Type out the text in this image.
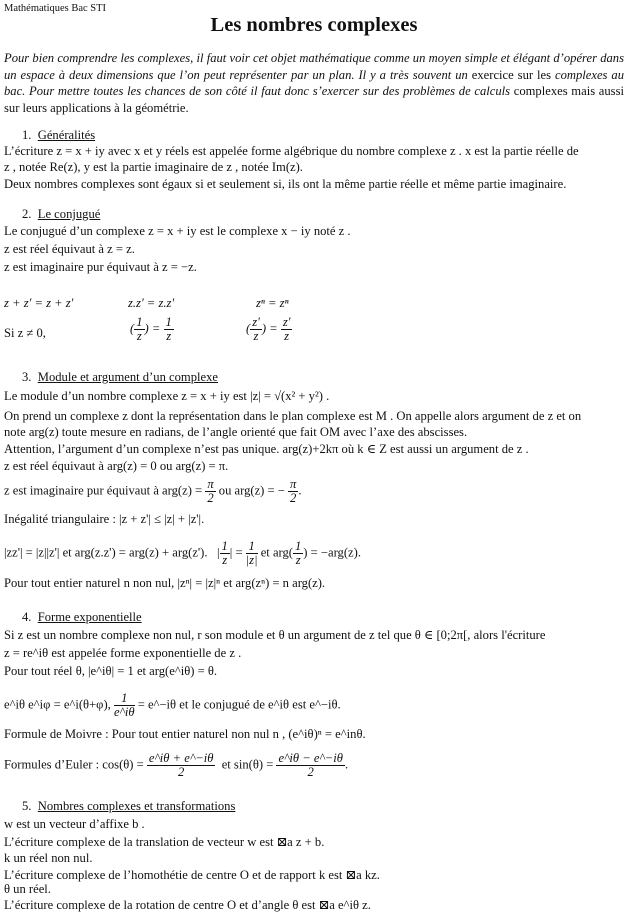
Mathématiques Bac STI
Les nombres complexes
Pour bien comprendre les complexes, il faut voir cet objet mathématique comme un moyen simple et élégant d’opérer dans un espace à deux dimensions que l’on peut représenter par un plan. Il y a très souvent un exercice sur les complexes au bac. Pour mettre toutes les chances de son côté il faut donc s’exercer sur des problèmes de calculs complexes mais aussi sur leurs applications à la géométrie.
1. Généralités
L’écriture z = x + iy avec x et y réels est appelée forme algébrique du nombre complexe z . x est la partie réelle de
z , notée Re(z), y est la partie imaginaire de z , notée Im(z).
Deux nombres complexes sont égaux si et seulement si, ils ont la même partie réelle et même partie imaginaire.
2. Le conjugué
Le conjugué d’un complexe z = x + iy est le complexe x − iy noté z .
z est réel équivaut à z = z.
z est imaginaire pur équivaut à z = −z.
z + z' = z + z'	z.z' = z.z'	zⁿ = zⁿ
Si z ≠ 0,	( $\frac{1}{z}$ ) = $\frac{1}{z}$	( $\frac{z'}{z}$ ) = $\frac{z'}{z}$
3. Module et argument d’un complexe
Le module d’un nombre complexe z = x + iy est |z| = √(x² + y²) .
On prend un complexe z dont la représentation dans le plan complexe est M . On appelle alors argument de z et on
note arg(z) toute mesure en radians, de l’angle orienté que fait OM avec l’axe des abscisses.
Attention, l’argument d’un complexe n’est pas unique. arg(z)+2kπ où k ∈ Z est aussi un argument de z .
z est réel équivaut à arg(z) = 0 ou arg(z) = π.
z est imaginaire pur équivaut à $arg(z) = \frac{\pi}{2}$ ou arg(z) = − $\frac{\pi}{2}$ .
Inégalité triangulaire : |z + z'| ≤ |z| + |z'|.
|zz'| = |z||z'| et arg(z.z') = arg(z) + arg(z').   | $\frac{1}{z}$ | = $\frac{1}{|z|}$ et $arg( \frac{1}{z}$ ) = −arg(z).
Pour tout entier naturel n non nul, |zⁿ| = |z|ⁿ et arg(zⁿ) = n arg(z).
4. Forme exponentielle
Si z est un nombre complexe non nul, r son module et θ un argument de z tel que θ ∈ [0;2π[, alors l'écriture
z = re^iθ est appelée forme exponentielle de z .
Pour tout réel θ, |e^iθ| = 1 et arg(e^iθ) = θ.
e^iθ e^iφ = e^i(θ+φ), $\frac{1}{e\^{}i\theta}$ = e^−iθ et le conjugué de e^iθ est e^−iθ.
Formule de Moivre : Pour tout entier naturel non nul n , (e^iθ)ⁿ = e^inθ.
Formules d’Euler : $\cos(\theta) = \frac{e\^{}i\theta + e\^{}-i\theta}{2}$ et $\sin(\theta) = \frac{e\^{}i\theta - e\^{}-i\theta}{2}$ .
5. Nombres complexes et transformations
w est un vecteur d’affixe b .
L’écriture complexe de la translation de vecteur w est ⊠a z + b.
k un réel non nul.
L’écriture complexe de l’homothétie de centre O et de rapport k est ⊠a kz.
θ un réel.
L’écriture complexe de la rotation de centre O et d’angle θ est ⊠a e^iθ z.
